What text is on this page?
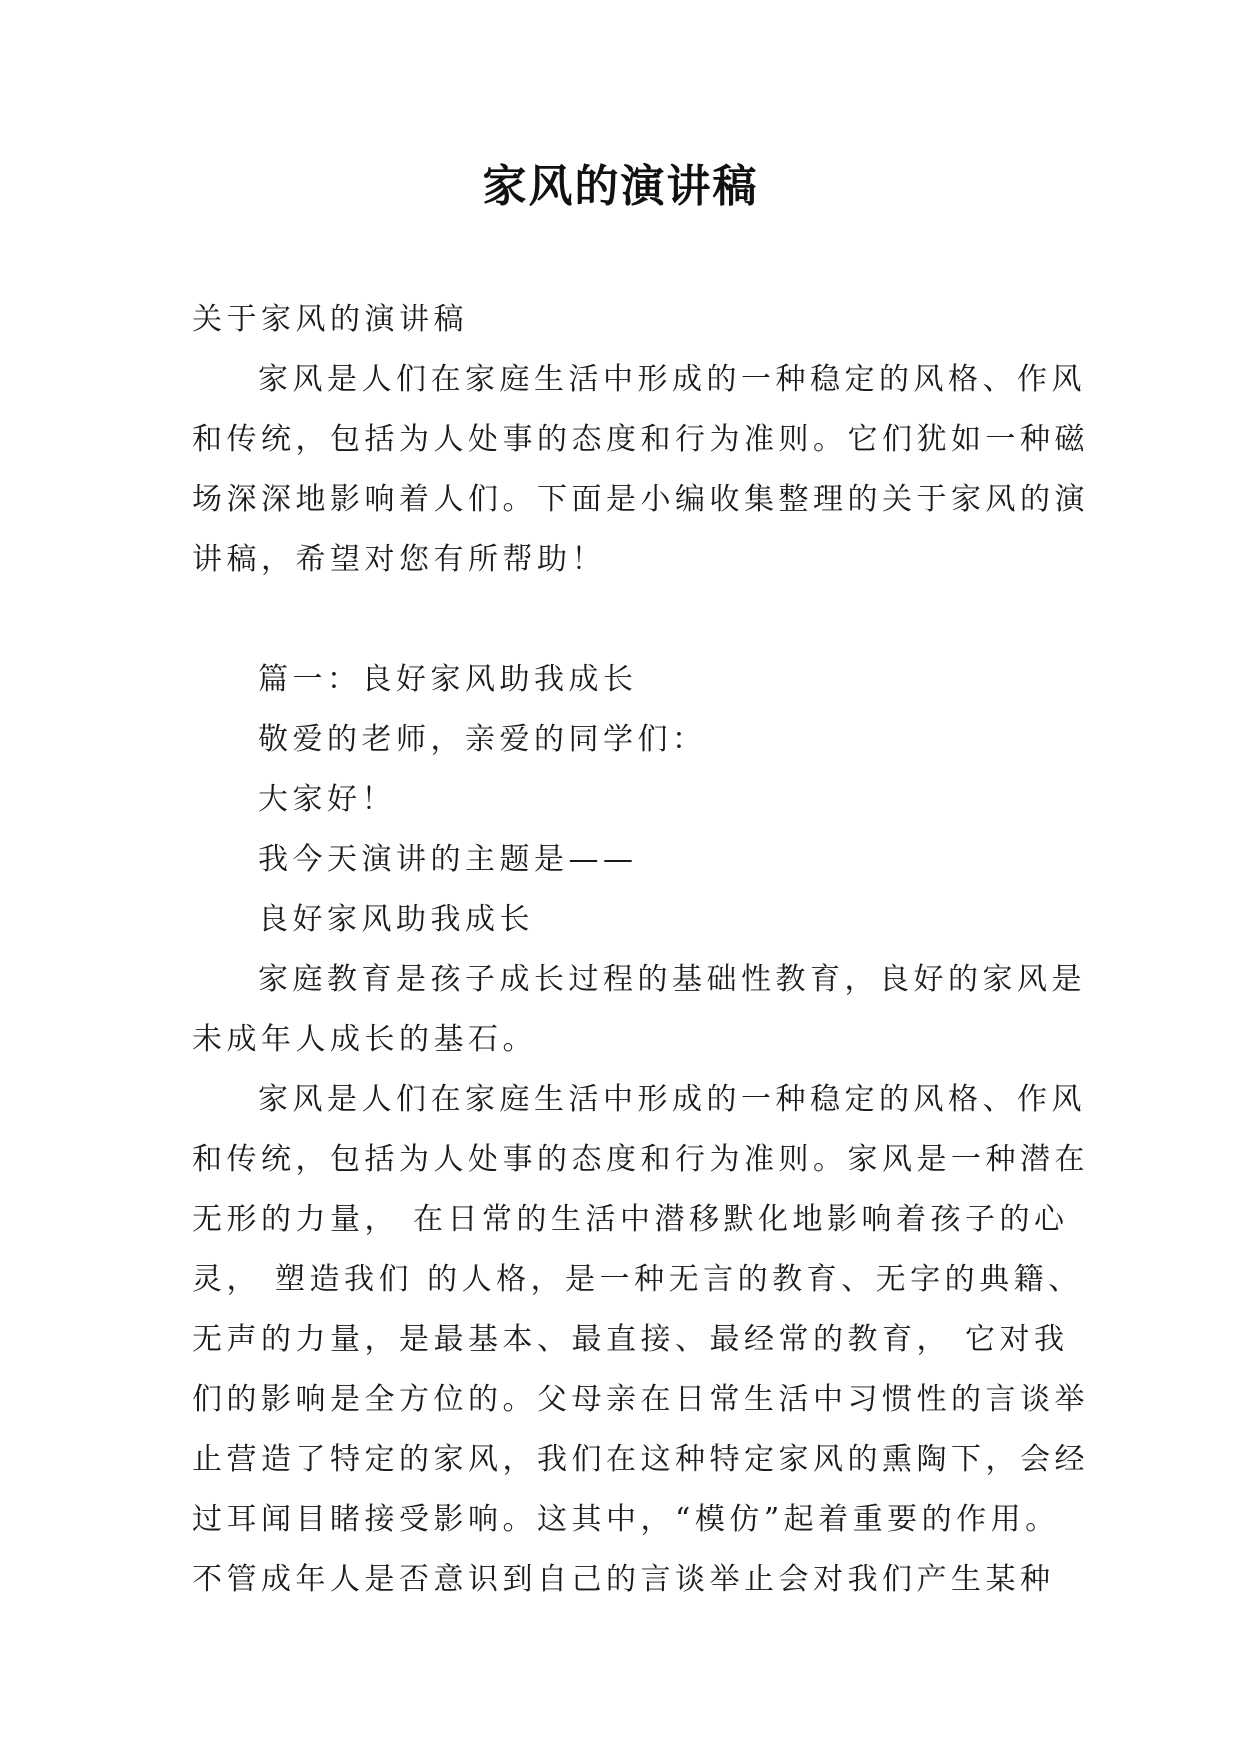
家风的演讲稿

关于家风的演讲稿

家风是人们在家庭生活中形成的一种稳定的风格、作风
和传统，包括为人处事的态度和行为准则。它们犹如一种磁
场深深地影响着人们。下面是小编收集整理的关于家风的演
讲稿，希望对您有所帮助！

篇一：良好家风助我成长

敬爱的老师，亲爱的同学们：

大家好！

我今天演讲的主题是——

良好家风助我成长

家庭教育是孩子成长过程的基础性教育，良好的家风是
未成年人成长的基石。

家风是人们在家庭生活中形成的一种稳定的风格、作风
和传统，包括为人处事的态度和行为准则。家风是一种潜在
无形的力量， 在日常的生活中潜移默化地影响着孩子的心
灵， 塑造我们 的人格，是一种无言的教育、无字的典籍、
无声的力量，是最基本、最直接、最经常的教育， 它对我
们的影响是全方位的。父母亲在日常生活中习惯性的言谈举
止营造了特定的家风，我们在这种特定家风的熏陶下，会经
过耳闻目睹接受影响。这其中，“模仿”起着重要的作用。
不管成年人是否意识到自己的言谈举止会对我们产生某种
